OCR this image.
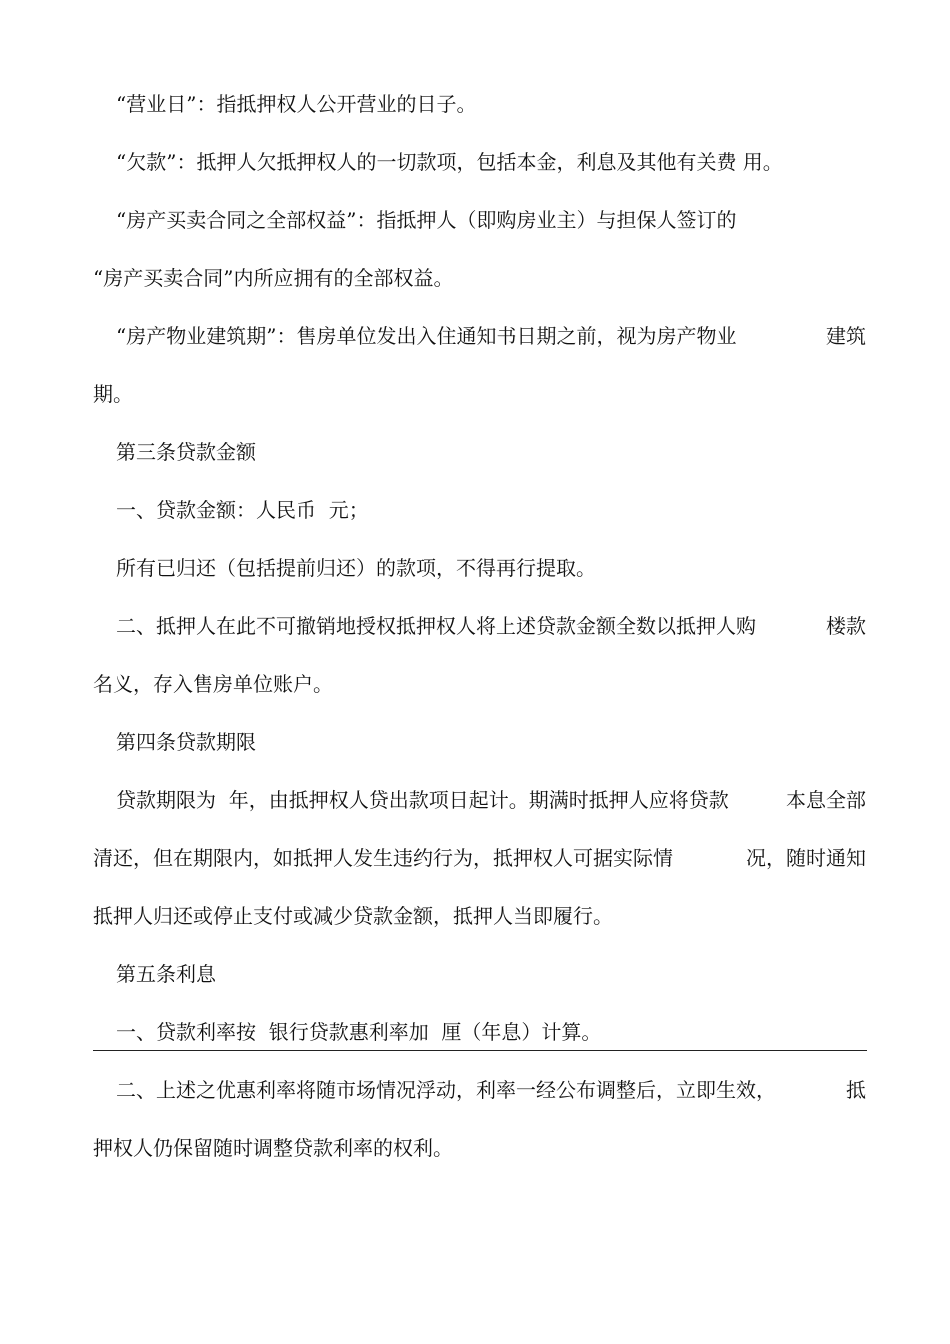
“营业日”：指抵押权人公开营业的日子。

“欠款”：抵押人欠抵押权人的一切款项，包括本金，利息及其他有关费 用。

“房产买卖合同之全部权益”：指抵押人（即购房业主）与担保人签订的

“房产买卖合同”内所应拥有的全部权益。

“房产物业建筑期”：售房单位发出入住通知书日期之前，视为房产物业	建筑

期。

第三条贷款金额

一、贷款金额：人民币  元；

所有已归还（包括提前归还）的款项，不得再行提取。

二、抵押人在此不可撤销地授权抵押权人将上述贷款金额全数以抵押人购	楼款

名义，存入售房单位账户。

第四条贷款期限

贷款期限为  年，由抵押权人贷出款项日起计。期满时抵押人应将贷款	本息全部
清还，但在期限内，如抵押人发生违约行为，抵押权人可据实际情	况，随时通知

抵押人归还或停止支付或减少贷款金额，抵押人当即履行。

第五条利息

一、贷款利率按  银行贷款惠利率加  厘（年息）计算。

二、上述之优惠利率将随市场情况浮动，利率一经公布调整后，立即生效，	抵

押权人仍保留随时调整贷款利率的权利。
